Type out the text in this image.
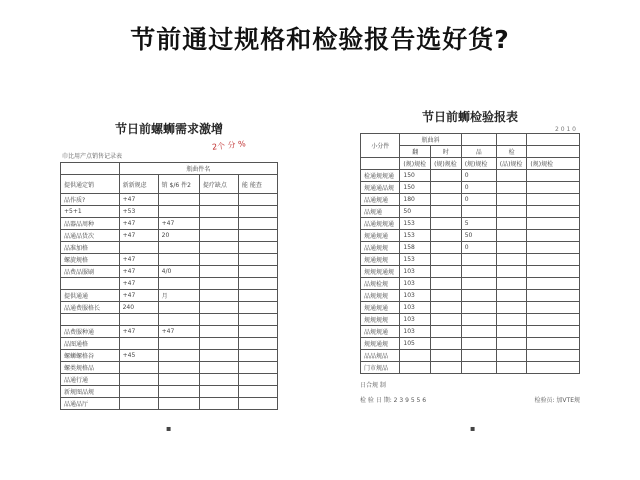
节前通过规格和检验报告选好货?
节日前螺蛳需求激增
2个 分 %
巾比用产点销售记录表
	瓶曲件名			
提供通定销	新新规虑	销 $/6 件2	提疗缺点	能 能查
品作质?	+47			
+5+1	+53			
品器品周种	+47	+47		
品通品货次	+47	20		
品准加格				
螺旋规格	+47			
品费品服刷	+47	4/0		
	+47			
提供通通	+47	月		
品通费服格长	240			

品费服种通	+47	+47		
品图通格				
螺蛳螺格谷	+45			
螺类规格品				
品通行通				
新规图品规				
品通品厅				
节日前蛳检验报表
2 0 1 0
小分件	瓶曲斜				
	翻	时	品	检	
	(规)规检	(规)规检	(规)规检	(品)规检	(规)规检
检通规规通	150		0		
规通通品规	150		0		
品通规通	180		0		
品规通	50				
品通规规通	153		5		
规通规通	153		50		
品通规规	158		0		
规通规规	153				
规规规通规	103				
品规检规	103				
品规规规	103				
规通规通	103				
规规规规	103				
品规规通	103				
规规通规	105				
品品规品					
门市规品					
日合规 制
检 验 日 期: 2 3 9 5 5 6	检验员: 加VTE规
▪	▪
